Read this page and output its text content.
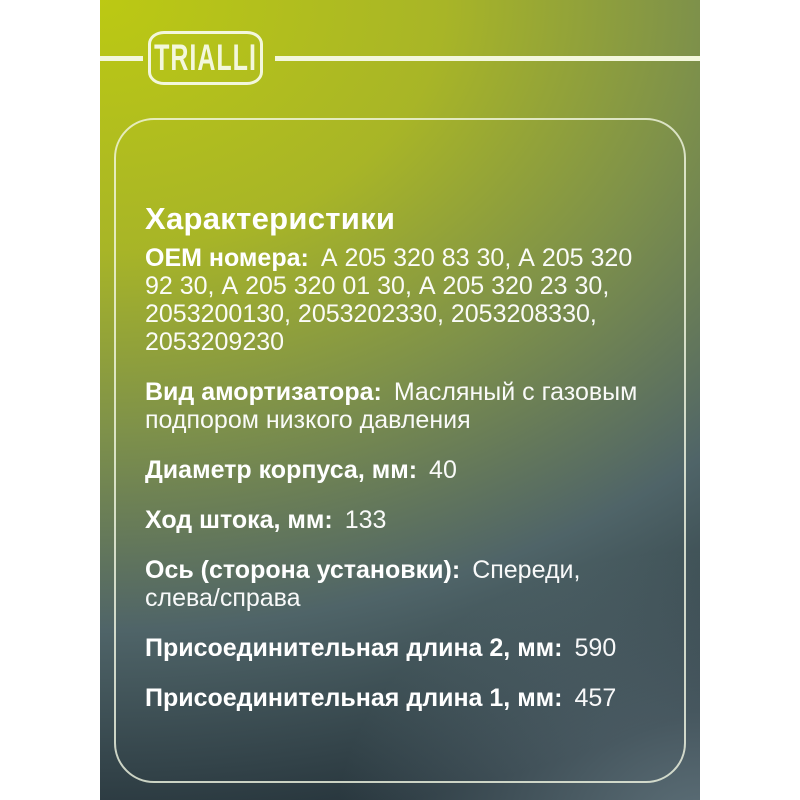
TRIALLI
Характеристики

OEM номера: А 205 320 83 30, А 205 320 92 30, А 205 320 01 30, А 205 320 23 30, 2053200130, 2053202330, 2053208330, 2053209230

Вид амортизатора: Масляный с газовым подпором низкого давления

Диаметр корпуса, мм: 40

Ход штока, мм: 133

Ось (сторона установки): Спереди, слева/справа

Присоединительная длина 2, мм: 590

Присоединительная длина 1, мм: 457
